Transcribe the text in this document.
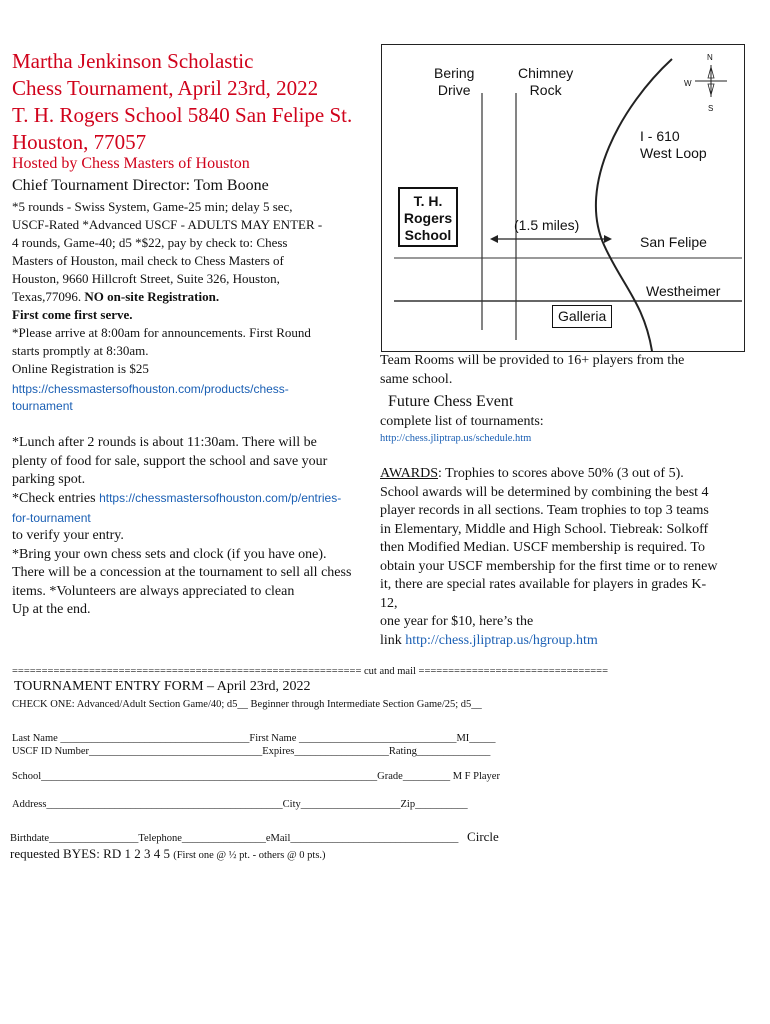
Martha Jenkinson Scholastic
Chess Tournament, April 23rd, 2022
T. H. Rogers School 5840 San Felipe St.
Houston, 77057
Hosted by Chess Masters of Houston
Chief Tournament Director: Tom Boone
*5 rounds - Swiss System, Game-25 min; delay 5 sec,
USCF-Rated *Advanced USCF - ADULTS MAY ENTER -
4 rounds, Game-40; d5 *$22, pay by check to: Chess
Masters of Houston, mail check to Chess Masters of
Houston, 9660 Hillcroft Street, Suite 326, Houston,
Texas,77096. NO on-site Registration.
First come first serve.
*Please arrive at 8:00am for announcements. First Round
starts promptly at 8:30am.
Online Registration is $25
https://chessmastersofhouston.com/products/chess-
tournament
*Lunch after 2 rounds is about 11:30am. There will be
plenty of food for sale, support the school and save your
parking spot.
*Check entries https://chessmastersofhouston.com/p/entries-
for-tournament
to verify your entry.
*Bring your own chess sets and clock (if you have one).
There will be a concession at the tournament to sell all chess
items. *Volunteers are always appreciated to clean
Up at the end.
Bering
Drive
Chimney
Rock
I - 610
West Loop
T. H.
Rogers
School
(1.5 miles)
San Felipe
Westheimer
Galleria
N
W
S
Team Rooms will be provided to 16+ players from the
same school.
Future Chess Event
complete list of tournaments:
http://chess.jliptrap.us/schedule.htm
AWARDS: Trophies to scores above 50% (3 out of 5).
School awards will be determined by combining the best 4
player records in all sections. Team trophies to top 3 teams
in Elementary, Middle and High School. Tiebreak: Solkoff
then Modified Median. USCF membership is required. To
obtain your USCF membership for the first time or to renew
it, there are special rates available for players in grades K-
12,
one year for $10, here’s the
link http://chess.jliptrap.us/hgroup.htm
=========================================================== cut and mail ================================
TOURNAMENT ENTRY FORM – April 23rd, 2022
CHECK ONE: Advanced/Adult Section Game/40; d5__ Beginner through Intermediate Section Game/25; d5__
Last Name ____________________________________First Name ______________________________MI_____
USCF ID Number_________________________________Expires__________________Rating______________
School________________________________________________________________Grade_________ M F Player
Address_____________________________________________City___________________Zip__________
Birthdate_________________Telephone________________eMail________________________________ Circle
requested BYES: RD 1 2 3 4 5 (First one @ ½ pt. - others @ 0 pts.)
